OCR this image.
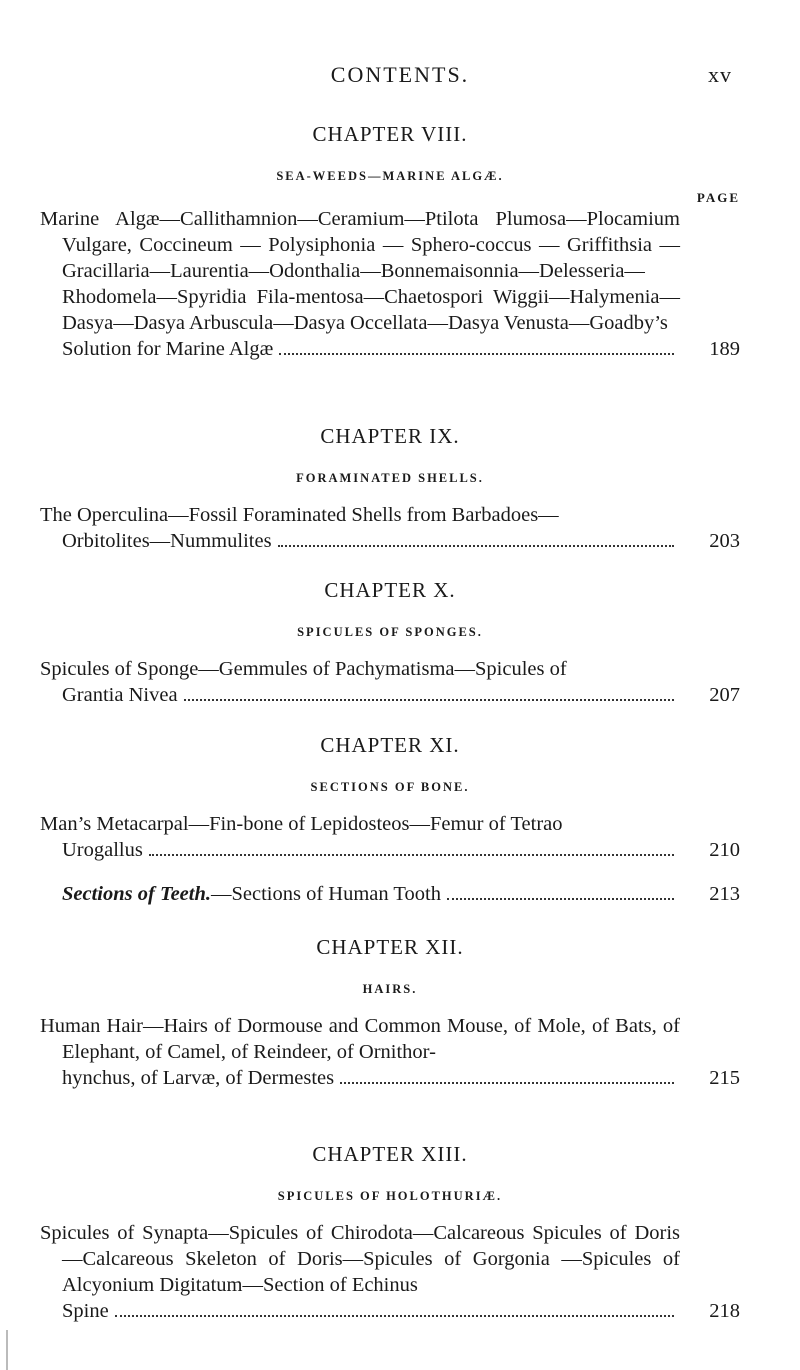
CONTENTS.	xv
CHAPTER VIII.
SEA-WEEDS—MARINE ALGÆ.
PAGE
Marine Algæ—Callithamnion—Ceramium—Ptilota Plumosa—Plocamium Vulgare, Coccineum — Polysiphonia — Sphero-coccus — Griffithsia — Gracillaria—Laurentia—Odonthalia—Bonnemaisonnia—Delesseria—Rhodomela—Spyridia Fila-mentosa—Chaetospori Wiggii—Halymenia—Dasya—Dasya Arbuscula—Dasya Occellata—Dasya Venusta—Goadby’s
Solution for Marine Algæ	189
CHAPTER IX.
FORAMINATED SHELLS.
The Operculina—Fossil Foraminated Shells from Barbadoes—
Orbitolites—Nummulites	203
CHAPTER X.
SPICULES OF SPONGES.
Spicules of Sponge—Gemmules of Pachymatisma—Spicules of
Grantia Nivea	207
CHAPTER XI.
SECTIONS OF BONE.
Man’s Metacarpal—Fin-bone of Lepidosteos—Femur of Tetrao
Urogallus	210
Sections of Teeth. —Sections of Human Tooth	213
CHAPTER XII.
HAIRS.
Human Hair—Hairs of Dormouse and Common Mouse, of Mole, of Bats, of Elephant, of Camel, of Reindeer, of Ornithor-
hynchus, of Larvæ, of Dermestes	215
CHAPTER XIII.
SPICULES OF HOLOTHURIÆ.
Spicules of Synapta—Spicules of Chirodota—Calcareous Spicules of Doris—Calcareous Skeleton of Doris—Spicules of Gorgonia —Spicules of Alcyonium Digitatum—Section of Echinus
Spine	218
